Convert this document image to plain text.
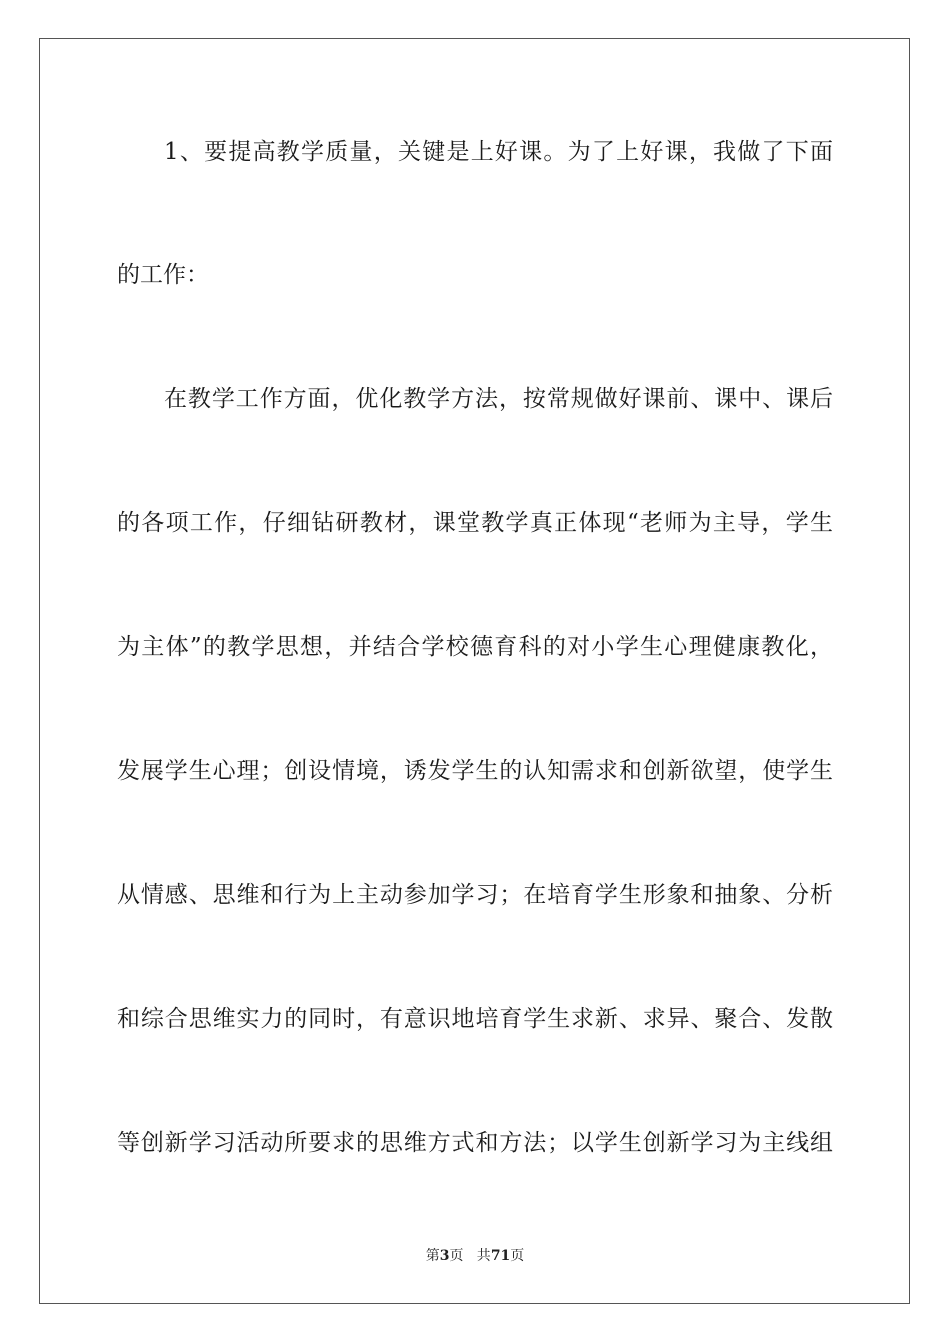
1、要提高教学质量，关键是上好课。为了上好课，我做了下面
的工作：
在教学工作方面，优化教学方法，按常规做好课前、课中、课后
的各项工作，仔细钻研教材，课堂教学真正体现“老师为主导，学生
为主体”的教学思想，并结合学校德育科的对小学生心理健康教化，
发展学生心理；创设情境，诱发学生的认知需求和创新欲望，使学生
从情感、思维和行为上主动参加学习；在培育学生形象和抽象、分析
和综合思维实力的同时，有意识地培育学生求新、求异、聚合、发散
等创新学习活动所要求的思维方式和方法；以学生创新学习为主线组
第3页   共71页
